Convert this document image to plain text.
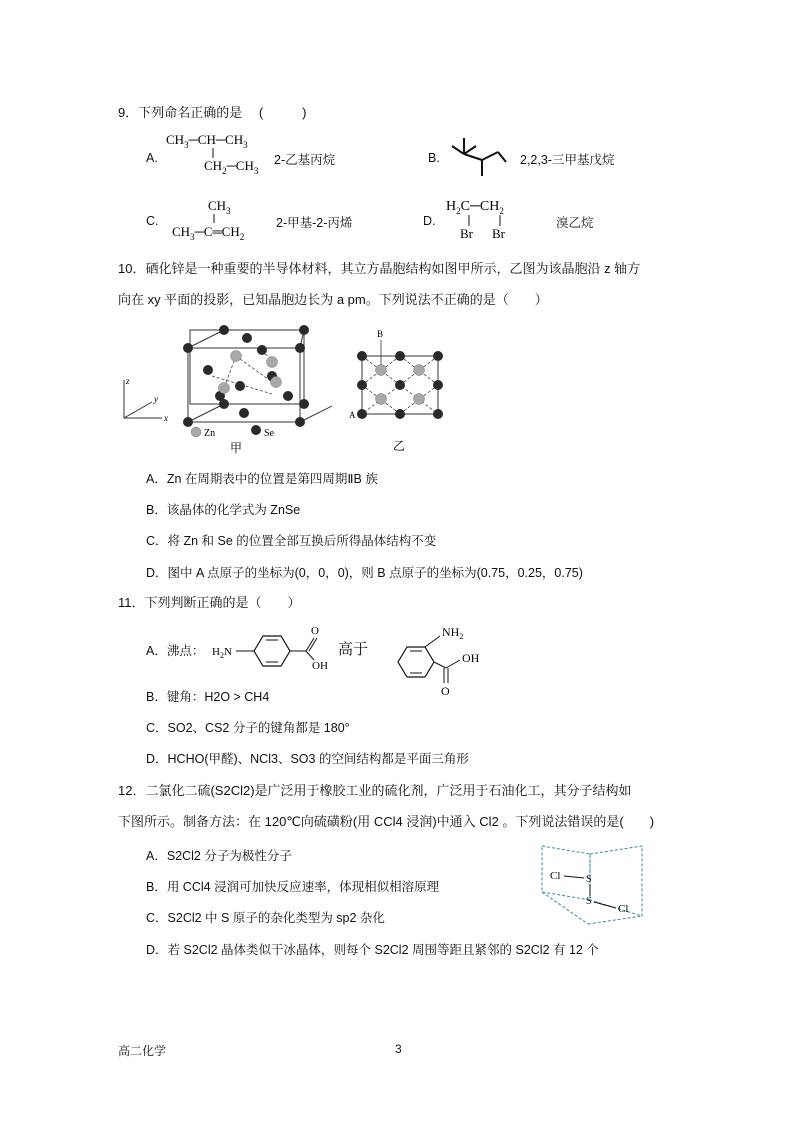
9．下列命名正确的是 　(　　　)
A.
$CH_3─CH─CH_3$
$CH_2─CH_3$
2-乙基丙烷	B.	2,2,3-三甲基戊烷
C.
$CH_3$
$CH_3─C═CH_2$
2-甲基-2-丙烯	D.
$H_2C─CH_2$
Br Br
溴乙烷
10．硒化锌是一种重要的半导体材料，其立方晶胞结构如图甲所示，乙图为该晶胞沿 z 轴方
向在 xy 平面的投影，已知晶胞边长为 a pm。下列说法不正确的是（　　）
z
x
y
Zn	Se
甲
B
A
乙
A．Zn 在周期表中的位置是第四周期ⅡB 族
B．该晶体的化学式为 ZnSe
C．将 Zn 和 Se 的位置全部互换后所得晶体结构不变
D．图中 A 点原子的坐标为(0，0，0)，则 B 点原子的坐标为(0.75，0.25，0.75)
11．下列判断正确的是（　　）
A．沸点： $H_2N$
O
OH
高于
$NH_2$
OH
O
B．键角：H2O > CH4
C．SO2、CS2 分子的键角都是 180°
D．HCHO(甲醛)、NCl3、SO3 的空间结构都是平面三角形
12．二氯化二硫(S2Cl2)是广泛用于橡胶工业的硫化剂，广泛用于石油化工，其分子结构如
下图所示。制备方法：在 120℃向硫磺粉(用 CCl4 浸润)中通入 Cl2 。下列说法错误的是(　　)
A．S2Cl2 分子为极性分子
B．用 CCl4 浸润可加快反应速率，体现相似相溶原理
C．S2Cl2 中 S 原子的杂化类型为 sp2 杂化
D．若 S2Cl2 晶体类似干冰晶体，则每个 S2Cl2 周围等距且紧邻的 S2Cl2 有 12 个
Cl	S
S
Cl
高二化学	3
